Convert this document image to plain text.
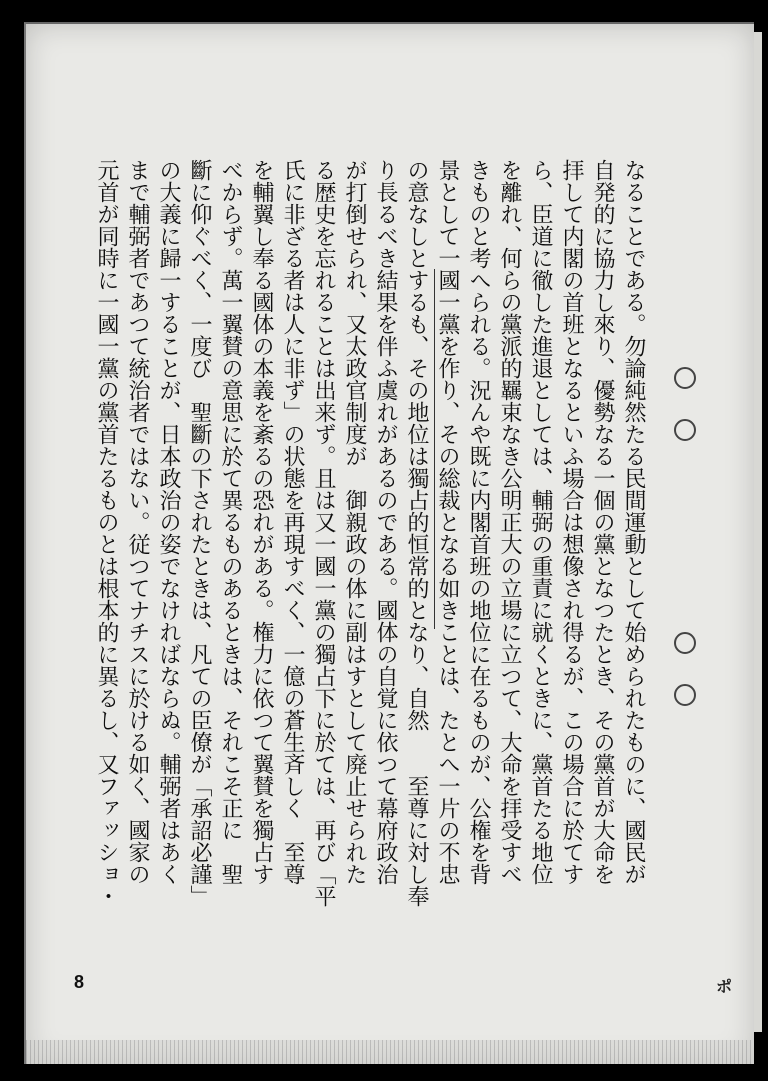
なることである。勿論純然たる民間運動として始められたものに、國民が
自発的に協力し來り、優勢なる一個の黨となつたとき、その黨首が大命を
拝して内閣の首班となるといふ場合は想像され得るが、この場合に於てす
ら、臣道に徹した進退としては、輔弼の重責に就くときに、黨首たる地位
を離れ、何らの黨派的羈束なき公明正大の立場に立つて、大命を拝受すべ
きものと考へられる。況んや既に内閣首班の地位に在るものが、公権を背
景として一國一黨を作り、その総裁となる如きことは、たとへ一片の不忠
の意なしとするも、その地位は獨占的恒常的となり、自然　　至尊に対し奉
り長るべき結果を伴ふ虞れがあるのである。國体の自覚に依つて幕府政治
が打倒せられ、又太政官制度が　御親政の体に副はすとして廃止せられた
る歴史を忘れることは出来ず。且は又一國一黨の獨占下に於ては、再び「平
氏に非ざる者は人に非ず」の状態を再現すべく、一億の蒼生斉しく　至尊
を輔翼し奉る國体の本義を紊るの恐れがある。権力に依つて翼賛を獨占す
べからず。萬一翼賛の意思に於て異るものあるときは、それこそ正に　聖
斷に仰ぐべく、一度び　聖斷の下されたときは、凡ての臣僚が「承詔必謹」
の大義に歸一することが、日本政治の姿でなければならぬ。輔弼者はあく
まで輔弼者であつて統治者ではない。従つてナチスに於ける如く、國家の
元首が同時に一國一黨の黨首たるものとは根本的に異るし、又ファッショ・
8	ポ
